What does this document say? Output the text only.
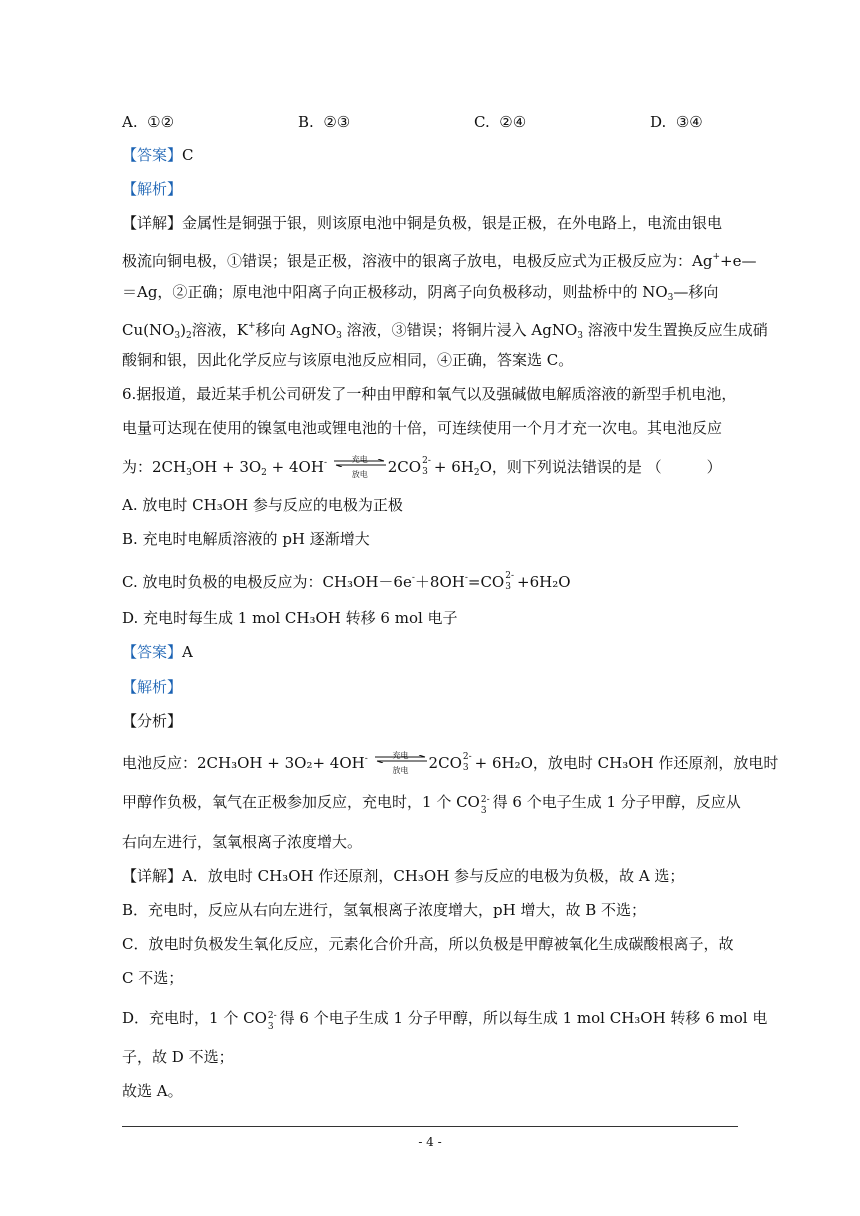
A. ①②	B. ②③	C. ②④	D. ③④
【答案】C
【解析】
【详解】金属性是铜强于银，则该原电池中铜是负极，银是正极，在外电路上，电流由银电
极流向铜电极，①错误；银是正极，溶液中的银离子放电，电极反应式为正极反应为：Ag++e—
＝Ag，②正确；原电池中阳离子向正极移动，阴离子向负极移动，则盐桥中的 $NO_3—$移向
$Cu(NO_3)_2$溶液，K+移向 AgNO$_3$ 溶液，③错误；将铜片浸入 AgNO$_3$ 溶液中发生置换反应生成硝
酸铜和银，因此化学反应与该原电池反应相同，④正确，答案选 C。
6.据报道，最近某手机公司研发了一种由甲醇和氧气以及强碱做电解质溶液的新型手机电池，
电量可达现在使用的镍氢电池或锂电池的十倍，可连续使用一个月才充一次电。其电池反应
为：$2CH_3OH + 3O_2 + 4OH^-$	充电
放电	2CO 2-
$3 + 6H_2O$，则下列说法错误的是 （　　　）
A. 放电时 CH₃OH 参与反应的电极为正极
B. 充电时电解质溶液的 pH 逐渐增大
C. 放电时负极的电极反应为：CH₃OH－6e-＋8OH-=CO 2-
3 +6H₂O
D. 充电时每生成 1 mol CH₃OH 转移 6 mol 电子
【答案】A
【解析】
【分析】
电池反应：2CH₃OH + 3O₂+ 4OH-	充电
放电	2CO 2-
3 + 6H₂O，放电时 CH₃OH 作还原剂，放电时
甲醇作负极，氧气在正极参加反应，充电时，1 个 CO 2-
3 得 6 个电子生成 1 分子甲醇，反应从
右向左进行，氢氧根离子浓度增大。
【详解】A．放电时 CH₃OH 作还原剂，CH₃OH 参与反应的电极为负极，故 A 选；
B．充电时，反应从右向左进行，氢氧根离子浓度增大，pH 增大，故 B 不选；
C．放电时负极发生氧化反应，元素化合价升高，所以负极是甲醇被氧化生成碳酸根离子，故
C 不选；
D．充电时，1 个 CO 2-
3 得 6 个电子生成 1 分子甲醇，所以每生成 1 mol CH₃OH 转移 6 mol 电
子，故 D 不选；
故选 A。
- 4 -
